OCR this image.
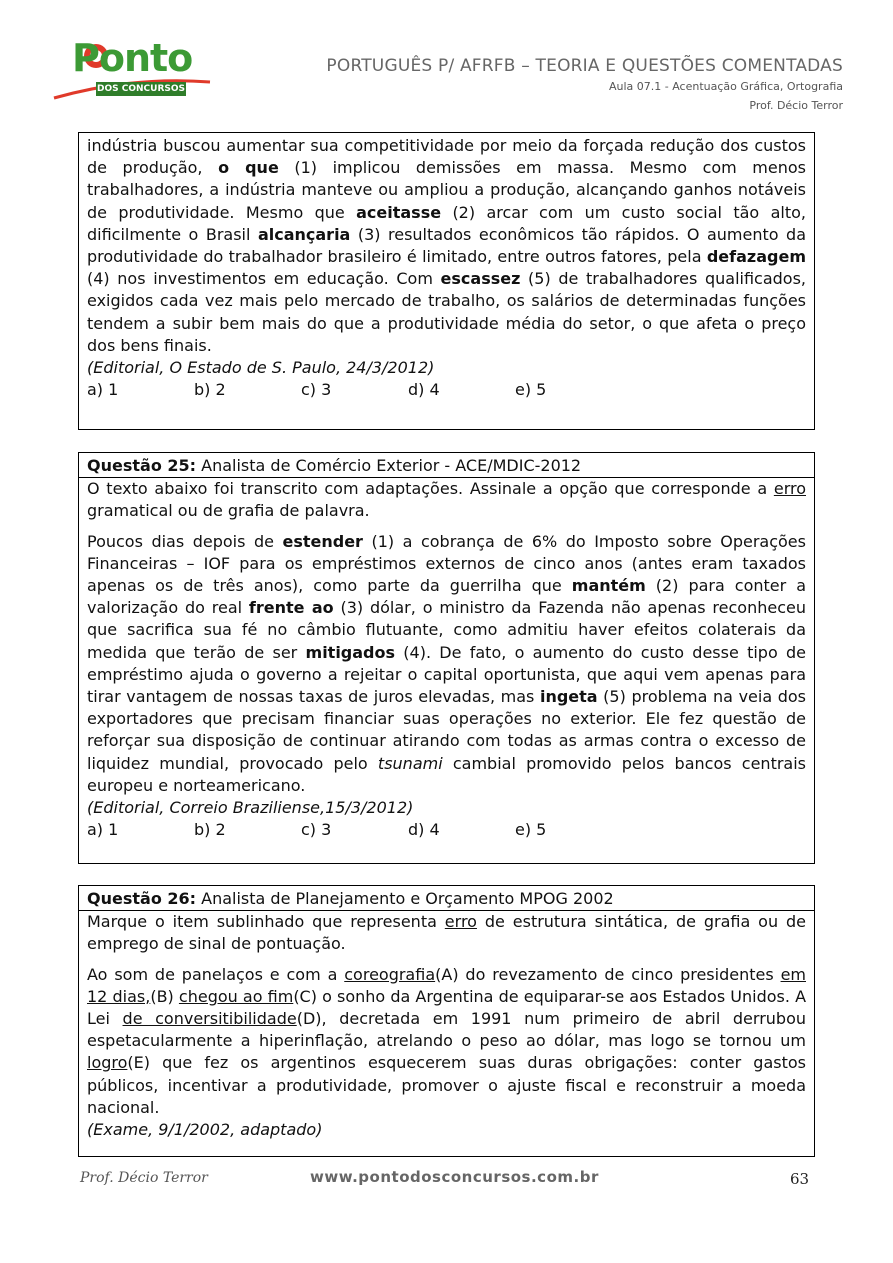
Ponto
DOS CONCURSOS
PORTUGUÊS P/ AFRFB – TEORIA E QUESTÕES COMENTADAS
Aula 07.1 - Acentuação Gráfica, Ortografia
Prof. Décio Terror

indústria buscou aumentar sua competitividade por meio da forçada redução dos custos de produção, o que (1) implicou demissões em massa. Mesmo com menos trabalhadores, a indústria manteve ou ampliou a produção, alcançando ganhos notáveis de produtividade. Mesmo que aceitasse (2) arcar com um custo social tão alto, dificilmente o Brasil alcançaria (3) resultados econômicos tão rápidos. O aumento da produtividade do trabalhador brasileiro é limitado, entre outros fatores, pela defazagem (4) nos investimentos em educação. Com escassez (5) de trabalhadores qualificados, exigidos cada vez mais pelo mercado de trabalho, os salários de determinadas funções tendem a subir bem mais do que a produtividade média do setor, o que afeta o preço dos bens finais.

(Editorial, O Estado de S. Paulo, 24/3/2012)

a) 1	b) 2	c) 3	d) 4	e) 5
Questão 25: Analista de Comércio Exterior - ACE/MDIC-2012

O texto abaixo foi transcrito com adaptações. Assinale a opção que corresponde a erro gramatical ou de grafia de palavra.

Poucos dias depois de estender (1) a cobrança de 6% do Imposto sobre Operações Financeiras – IOF para os empréstimos externos de cinco anos (antes eram taxados apenas os de três anos), como parte da guerrilha que mantém (2) para conter a valorização do real frente ao (3) dólar, o ministro da Fazenda não apenas reconheceu que sacrifica sua fé no câmbio flutuante, como admitiu haver efeitos colaterais da medida que terão de ser mitigados (4). De fato, o aumento do custo desse tipo de empréstimo ajuda o governo a rejeitar o capital oportunista, que aqui vem apenas para tirar vantagem de nossas taxas de juros elevadas, mas ingeta (5) problema na veia dos exportadores que precisam financiar suas operações no exterior. Ele fez questão de reforçar sua disposição de continuar atirando com todas as armas contra o excesso de liquidez mundial, provocado pelo tsunami cambial promovido pelos bancos centrais europeu e norteamericano.

(Editorial, Correio Braziliense,15/3/2012)

a) 1	b) 2	c) 3	d) 4	e) 5
Questão 26: Analista de Planejamento e Orçamento MPOG 2002

Marque o item sublinhado que representa erro de estrutura sintática, de grafia ou de emprego de sinal de pontuação.

Ao som de panelaços e com a coreografia(A) do revezamento de cinco presidentes em 12 dias,(B) chegou ao fim(C) o sonho da Argentina de equiparar-se aos Estados Unidos. A Lei de conversitibilidade(D), decretada em 1991 num primeiro de abril derrubou espetacularmente a hiperinflação, atrelando o peso ao dólar, mas logo se tornou um logro(E) que fez os argentinos esquecerem suas duras obrigações: conter gastos públicos, incentivar a produtividade, promover o ajuste fiscal e reconstruir a moeda nacional.

(Exame, 9/1/2002, adaptado)

Prof. Décio Terror	www.pontodosconcursos.com.br	63
